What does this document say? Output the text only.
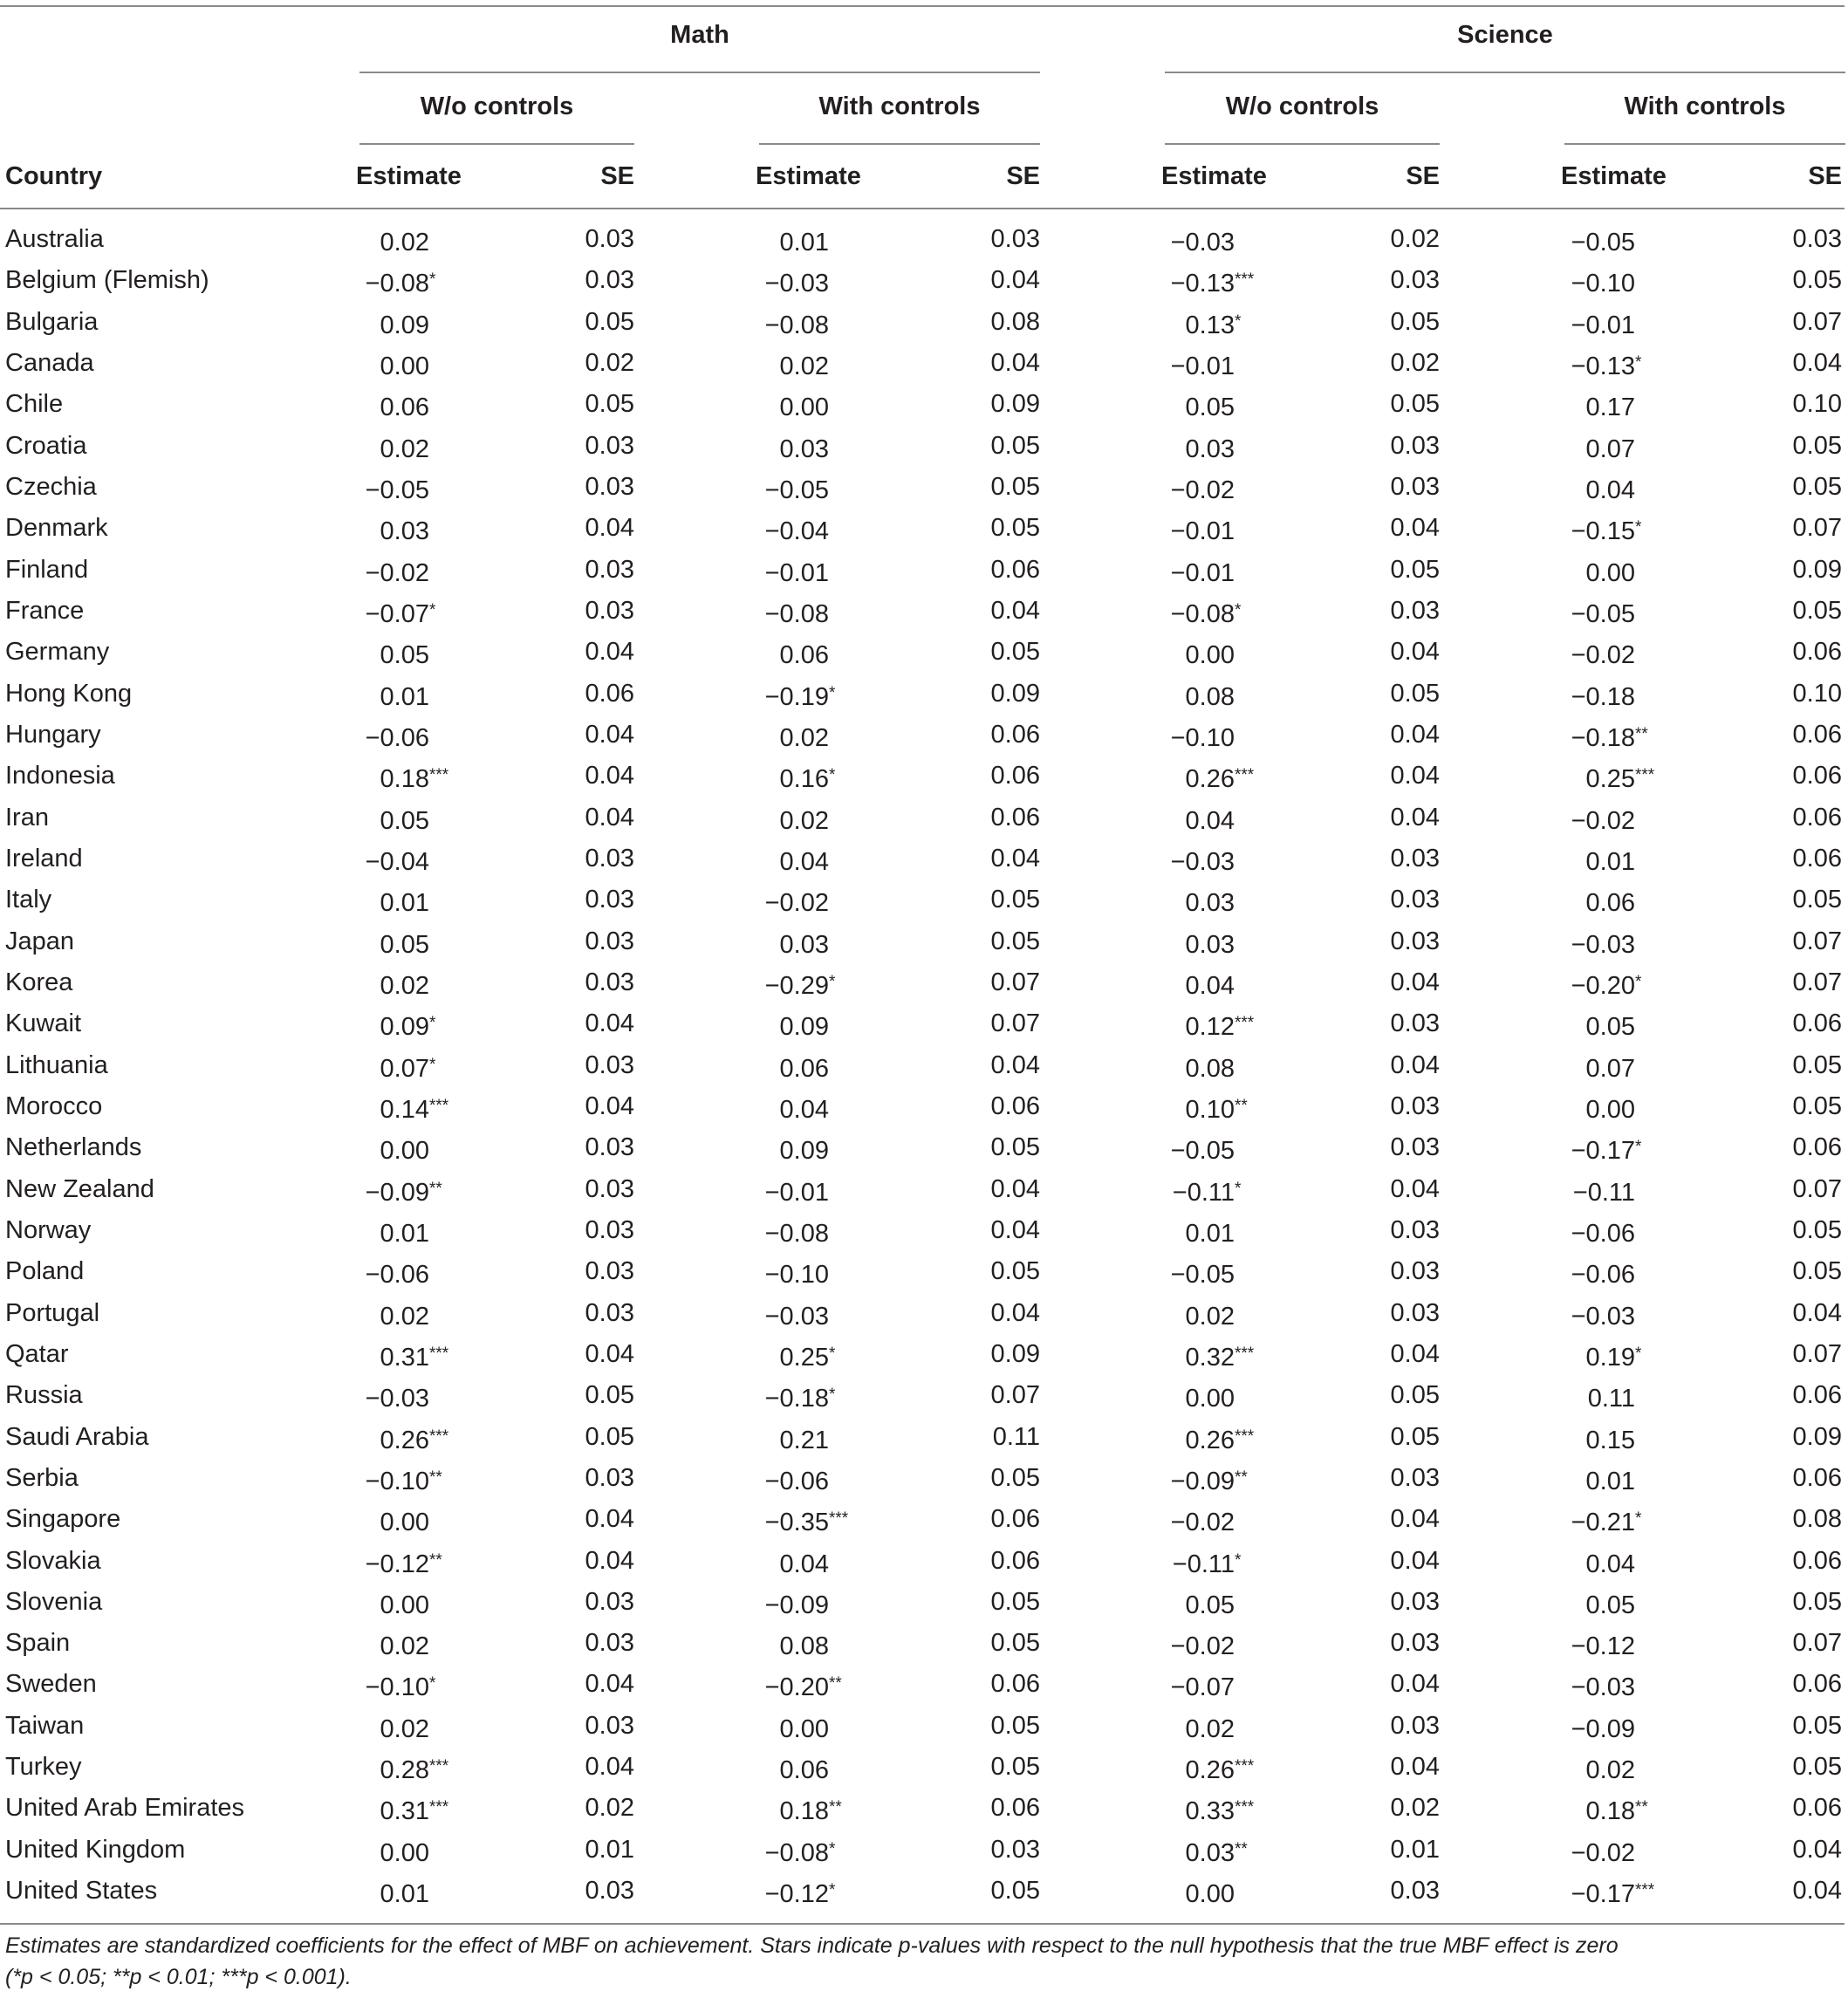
Math	Science
W/o controls	With controls	W/o controls	With controls
Country	Estimate	SE	Estimate	SE	Estimate	SE	Estimate	SE
Australia	0.02	0.03	0.01	0.03	−0.03	0.02	−0.05	0.03
Belgium (Flemish)	−0.08*	0.03	−0.03	0.04	−0.13***	0.03	−0.10	0.05
Bulgaria	0.09	0.05	−0.08	0.08	0.13*	0.05	−0.01	0.07
Canada	0.00	0.02	0.02	0.04	−0.01	0.02	−0.13*	0.04
Chile	0.06	0.05	0.00	0.09	0.05	0.05	0.17	0.10
Croatia	0.02	0.03	0.03	0.05	0.03	0.03	0.07	0.05
Czechia	−0.05	0.03	−0.05	0.05	−0.02	0.03	0.04	0.05
Denmark	0.03	0.04	−0.04	0.05	−0.01	0.04	−0.15*	0.07
Finland	−0.02	0.03	−0.01	0.06	−0.01	0.05	0.00	0.09
France	−0.07*	0.03	−0.08	0.04	−0.08*	0.03	−0.05	0.05
Germany	0.05	0.04	0.06	0.05	0.00	0.04	−0.02	0.06
Hong Kong	0.01	0.06	−0.19*	0.09	0.08	0.05	−0.18	0.10
Hungary	−0.06	0.04	0.02	0.06	−0.10	0.04	−0.18**	0.06
Indonesia	0.18***	0.04	0.16*	0.06	0.26***	0.04	0.25***	0.06
Iran	0.05	0.04	0.02	0.06	0.04	0.04	−0.02	0.06
Ireland	−0.04	0.03	0.04	0.04	−0.03	0.03	0.01	0.06
Italy	0.01	0.03	−0.02	0.05	0.03	0.03	0.06	0.05
Japan	0.05	0.03	0.03	0.05	0.03	0.03	−0.03	0.07
Korea	0.02	0.03	−0.29*	0.07	0.04	0.04	−0.20*	0.07
Kuwait	0.09*	0.04	0.09	0.07	0.12***	0.03	0.05	0.06
Lithuania	0.07*	0.03	0.06	0.04	0.08	0.04	0.07	0.05
Morocco	0.14***	0.04	0.04	0.06	0.10**	0.03	0.00	0.05
Netherlands	0.00	0.03	0.09	0.05	−0.05	0.03	−0.17*	0.06
New Zealand	−0.09**	0.03	−0.01	0.04	−0.11*	0.04	−0.11	0.07
Norway	0.01	0.03	−0.08	0.04	0.01	0.03	−0.06	0.05
Poland	−0.06	0.03	−0.10	0.05	−0.05	0.03	−0.06	0.05
Portugal	0.02	0.03	−0.03	0.04	0.02	0.03	−0.03	0.04
Qatar	0.31***	0.04	0.25*	0.09	0.32***	0.04	0.19*	0.07
Russia	−0.03	0.05	−0.18*	0.07	0.00	0.05	0.11	0.06
Saudi Arabia	0.26***	0.05	0.21	0.11	0.26***	0.05	0.15	0.09
Serbia	−0.10**	0.03	−0.06	0.05	−0.09**	0.03	0.01	0.06
Singapore	0.00	0.04	−0.35***	0.06	−0.02	0.04	−0.21*	0.08
Slovakia	−0.12**	0.04	0.04	0.06	−0.11*	0.04	0.04	0.06
Slovenia	0.00	0.03	−0.09	0.05	0.05	0.03	0.05	0.05
Spain	0.02	0.03	0.08	0.05	−0.02	0.03	−0.12	0.07
Sweden	−0.10*	0.04	−0.20**	0.06	−0.07	0.04	−0.03	0.06
Taiwan	0.02	0.03	0.00	0.05	0.02	0.03	−0.09	0.05
Turkey	0.28***	0.04	0.06	0.05	0.26***	0.04	0.02	0.05
United Arab Emirates	0.31***	0.02	0.18**	0.06	0.33***	0.02	0.18**	0.06
United Kingdom	0.00	0.01	−0.08*	0.03	0.03**	0.01	−0.02	0.04
United States	0.01	0.03	−0.12*	0.05	0.00	0.03	−0.17***	0.04
Estimates are standardized coefficients for the effect of MBF on achievement. Stars indicate p-values with respect to the null hypothesis that the true MBF effect is zero
(*p < 0.05; **p < 0.01; ***p < 0.001).
